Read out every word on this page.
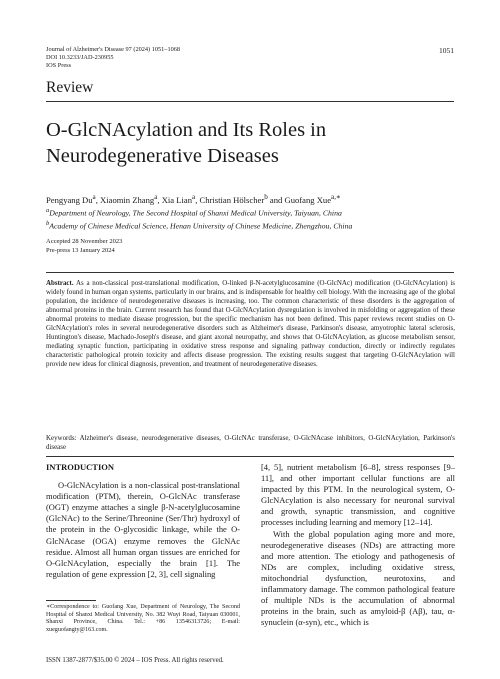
Journal of Alzheimer's Disease 97 (2024) 1051–1068
DOI 10.3233/JAD-230955
IOS Press
1051
Review
O-GlcNAcylation and Its Roles in Neurodegenerative Diseases
Pengyang Du$^a$, Xiaomin Zhang$^a$, Xia Lian$^a$, Christian Hölscher$^b$ and Guofang Xue$^{a,∗}$
$^a$Department of Neurology, The Second Hospital of Shanxi Medical University, Taiyuan, China
$^b$Academy of Chinese Medical Science, Henan University of Chinese Medicine, Zhengzhou, China
Accepted 28 November 2023
Pre-press 13 January 2024

Abstract. As a non-classical post-translational modification, O-linked β-N-acetylglucosamine (O-GlcNAc) modification (O-GlcNAcylation) is widely found in human organ systems, particularly in our brains, and is indispensable for healthy cell biology. With the increasing age of the global population, the incidence of neurodegenerative diseases is increasing, too. The common characteristic of these disorders is the aggregation of abnormal proteins in the brain. Current research has found that O-GlcNAcylation dysregulation is involved in misfolding or aggregation of these abnormal proteins to mediate disease progression, but the specific mechanism has not been defined. This paper reviews recent studies on O-GlcNAcylation's roles in several neurodegenerative disorders such as Alzheimer's disease, Parkinson's disease, amyotrophic lateral sclerosis, Huntington's disease, Machado-Joseph's disease, and giant axonal neuropathy, and shows that O-GlcNAcylation, as glucose metabolism sensor, mediating synaptic function, participating in oxidative stress response and signaling pathway conduction, directly or indirectly regulates characteristic pathological protein toxicity and affects disease progression. The existing results suggest that targeting O-GlcNAcylation will provide new ideas for clinical diagnosis, prevention, and treatment of neurodegenerative diseases.

Keywords: Alzheimer's disease, neurodegenerative diseases, O-GlcNAc transferase, O-GlcNAcase inhibitors, O-GlcNAcylation, Parkinson's disease

INTRODUCTION

O-GlcNAcylation is a non-classical post-translational modification (PTM), therein, O-GlcNAc transferase (OGT) enzyme attaches a single β-N-acetylglucosamine (GlcNAc) to the Serine/Threonine (Ser/Thr) hydroxyl of the protein in the O-glycosidic linkage, while the O-GlcNAcase (OGA) enzyme removes the GlcNAc residue. Almost all human organ tissues are enriched for O-GlcNAcylation, especially the brain [1]. The regulation of gene expression [2, 3], cell signaling

[4, 5], nutrient metabolism [6–8], stress responses [9–11], and other important cellular functions are all impacted by this PTM. In the neurological system, O-GlcNAcylation is also necessary for neuronal survival and growth, synaptic transmission, and cognitive processes including learning and memory [12–14].

With the global population aging more and more, neurodegenerative diseases (NDs) are attracting more and more attention. The etiology and pathogenesis of NDs are complex, including oxidative stress, mitochondrial dysfunction, neurotoxins, and inflammatory damage. The common pathological feature of multiple NDs is the accumulation of abnormal proteins in the brain, such as amyloid-β (Aβ), tau, α-synuclein (α-syn), etc., which is

∗Correspondence to: Guofang Xue, Department of Neurology, The Second Hospital of Shanxi Medical University, No. 382 Wuyi Road, Taiyuan 030001, Shanxi Province, China. Tel.: +86 13546313726; E-mail: xueguofangty@163.com.

ISSN 1387-2877/$35.00 © 2024 – IOS Press. All rights reserved.
